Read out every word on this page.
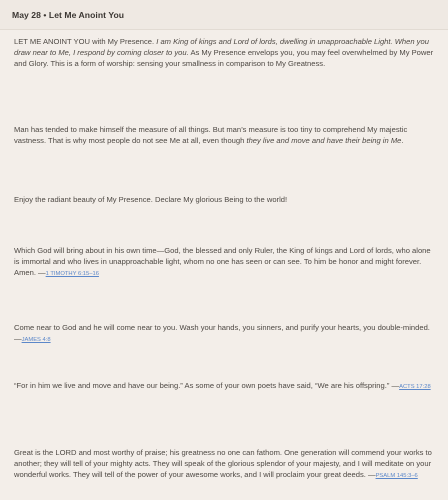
May 28 • Let Me Anoint You

LET ME ANOINT YOU with My Presence. I am King of kings and Lord of lords, dwelling in unapproachable Light. When you draw near to Me, I respond by coming closer to you. As My Presence envelops you, you may feel overwhelmed by My Power and Glory. This is a form of worship: sensing your smallness in comparison to My Greatness.

Man has tended to make himself the measure of all things. But man’s measure is too tiny to comprehend My majestic vastness. That is why most people do not see Me at all, even though they live and move and have their being in Me.

Enjoy the radiant beauty of My Presence. Declare My glorious Being to the world!

Which God will bring about in his own time—God, the blessed and only Ruler, the King of kings and Lord of lords, who alone is immortal and who lives in unapproachable light, whom no one has seen or can see. To him be honor and might forever. Amen. —1 TIMOTHY 6:15–16

Come near to God and he will come near to you. Wash your hands, you sinners, and purify your hearts, you double-minded. —JAMES 4:8

“For in him we live and move and have our being.” As some of your own poets have said, “We are his offspring.” —ACTS 17:28

Great is the LORD and most worthy of praise; his greatness no one can fathom. One generation will commend your works to another; they will tell of your mighty acts. They will speak of the glorious splendor of your majesty, and I will meditate on your wonderful works. They will tell of the power of your awesome works, and I will proclaim your great deeds. —PSALM 145:3–6
